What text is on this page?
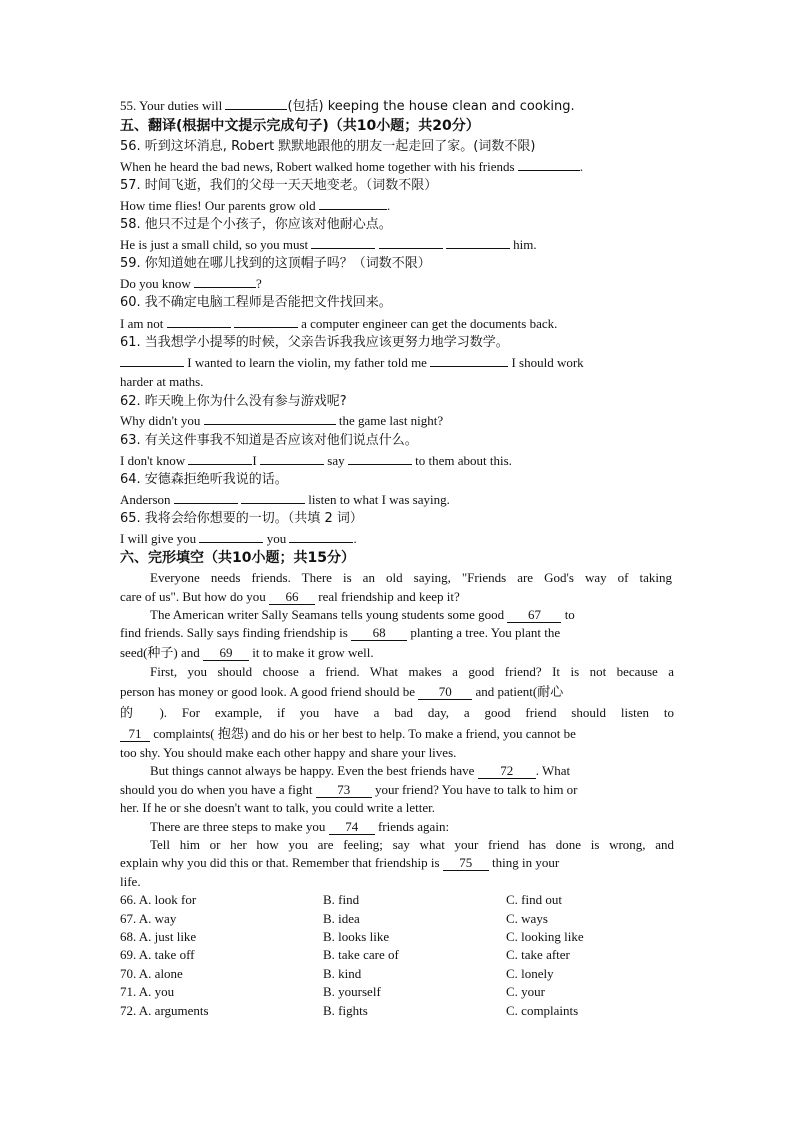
55. Your duties will	(包括) keeping the house clean and cooking.
五、翻译(根据中文提示完成句子)（共10小题；共20分）
56. 听到这坏消息, Robert 默默地跟他的朋友一起走回了家。(词数不限)
When he heard the bad news, Robert walked home together with his friends	.
57. 时间飞逝，我们的父母一天天地变老。（词数不限）
How time flies! Our parents grow old	.
58. 他只不过是个小孩子，你应该对他耐心点。
He is just a small child, so you must	him.
59. 你知道她在哪儿找到的这顶帽子吗？（词数不限）
Do you know	?
60. 我不确定电脑工程师是否能把文件找回来。
I am not	a computer engineer can get the documents back.
61. 当我想学小提琴的时候，父亲告诉我我应该更努力地学习数学。
I wanted to learn the violin, my father told me	I should work
harder at maths.
62. 昨天晚上你为什么没有参与游戏呢?
Why didn't you	the game last night?
63. 有关这件事我不知道是否应该对他们说点什么。
I don't know	I	say	to them about this.
64. 安德森拒绝听我说的话。
Anderson	listen to what I was saying.
65. 我将会给你想要的一切。（共填 2 词）
I will give you	you	.
六、完形填空（共10小题；共15分）
Everyone needs friends. There is an old saying, "Friends are God's way of taking
care of us". But how do you 66 real friendship and keep it?
The American writer Sally Seamans tells young students some good 67 to
find friends. Sally says finding friendship is 68 planting a tree. You plant the
seed(种子) and 69 it to make it grow well.
First, you should choose a friend. What makes a good friend? It is not because a
person has money or good look. A good friend should be 70 and patient(耐心
的 ). For example, if you have a bad day, a good friend should listen to
71 complaints( 抱怨) and do his or her best to help. To make a friend, you cannot be
too shy. You should make each other happy and share your lives.
But things cannot always be happy. Even the best friends have 72 . What
should you do when you have a fight 73 your friend? You have to talk to him or
her. If he or she doesn't want to talk, you could write a letter.
There are three steps to make you 74 friends again:
Tell him or her how you are feeling; say what your friend has done is wrong, and
explain why you did this or that. Remember that friendship is 75 thing in your
life.
66. A. look for	B. find	C. find out
67. A. way	B. idea	C. ways
68. A. just like	B. looks like	C. looking like
69. A. take off	B. take care of	C. take after
70. A. alone	B. kind	C. lonely
71. A. you	B. yourself	C. your
72. A. arguments	B. fights	C. complaints
